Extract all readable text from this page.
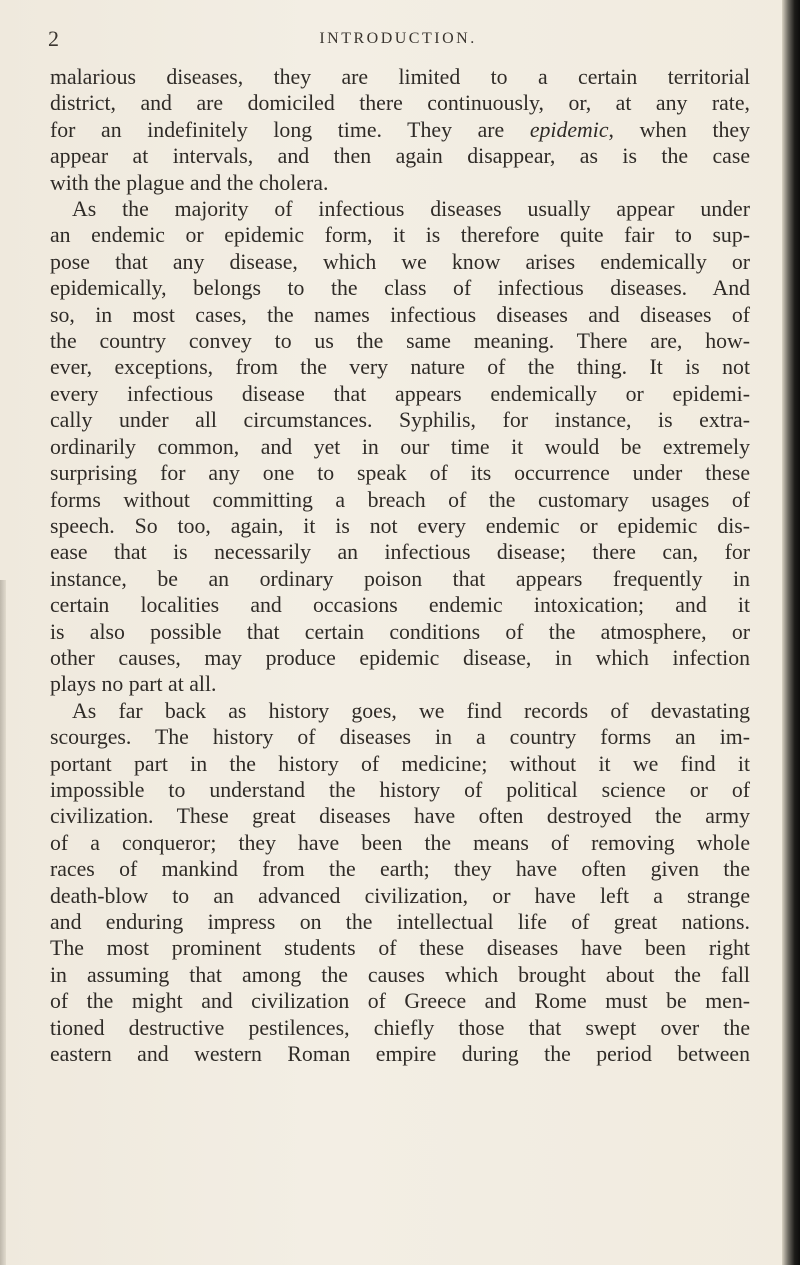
2	INTRODUCTION.
malarious diseases, they are limited to a certain territorial
district, and are domiciled there continuously, or, at any rate,
for an indefinitely long time. They are epidemic, when they
appear at intervals, and then again disappear, as is the case
with the plague and the cholera.
As the majority of infectious diseases usually appear under
an endemic or epidemic form, it is therefore quite fair to sup-
pose that any disease, which we know arises endemically or
epidemically, belongs to the class of infectious diseases. And
so, in most cases, the names infectious diseases and diseases of
the country convey to us the same meaning. There are, how-
ever, exceptions, from the very nature of the thing. It is not
every infectious disease that appears endemically or epidemi-
cally under all circumstances. Syphilis, for instance, is extra-
ordinarily common, and yet in our time it would be extremely
surprising for any one to speak of its occurrence under these
forms without committing a breach of the customary usages of
speech. So too, again, it is not every endemic or epidemic dis-
ease that is necessarily an infectious disease; there can, for
instance, be an ordinary poison that appears frequently in
certain localities and occasions endemic intoxication; and it
is also possible that certain conditions of the atmosphere, or
other causes, may produce epidemic disease, in which infection
plays no part at all.
As far back as history goes, we find records of devastating
scourges. The history of diseases in a country forms an im-
portant part in the history of medicine; without it we find it
impossible to understand the history of political science or of
civilization. These great diseases have often destroyed the army
of a conqueror; they have been the means of removing whole
races of mankind from the earth; they have often given the
death-blow to an advanced civilization, or have left a strange
and enduring impress on the intellectual life of great nations.
The most prominent students of these diseases have been right
in assuming that among the causes which brought about the fall
of the might and civilization of Greece and Rome must be men-
tioned destructive pestilences, chiefly those that swept over the
eastern and western Roman empire during the period between
